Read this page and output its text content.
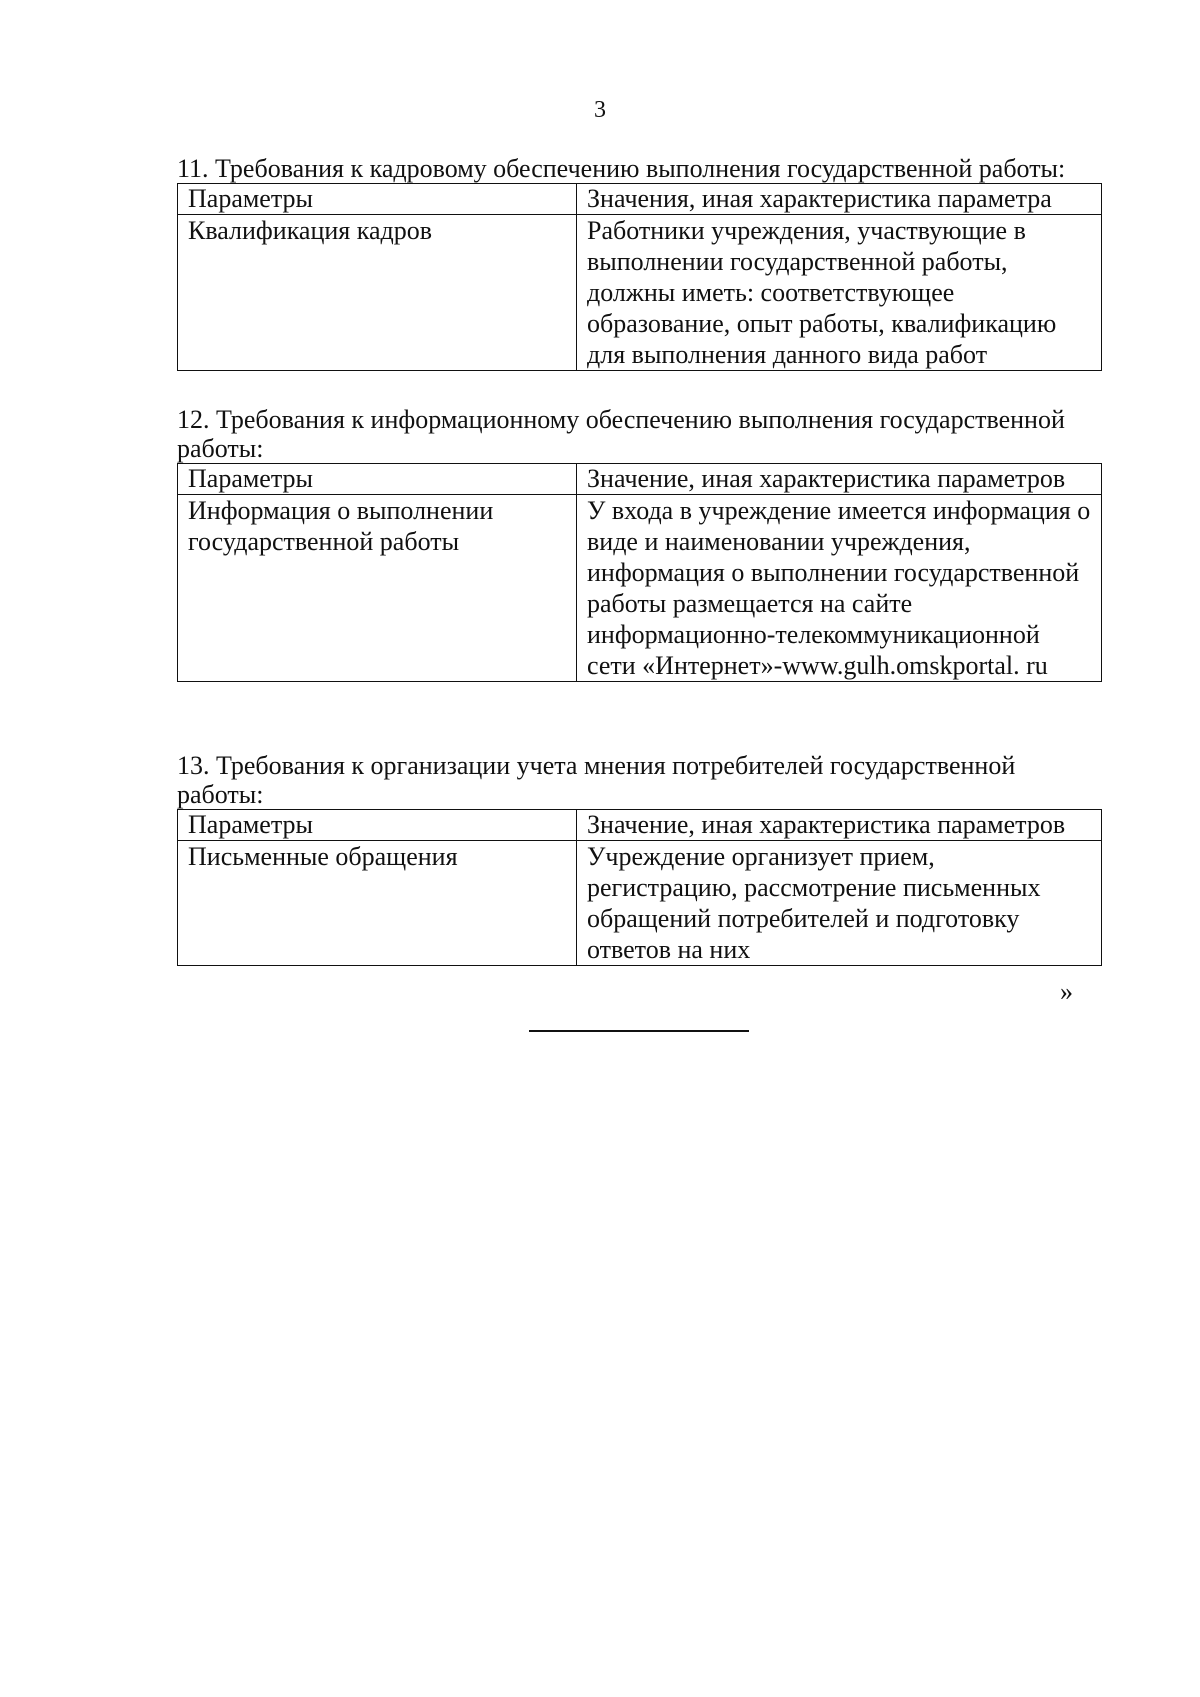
3

11. Требования к кадровому обеспечению выполнения государственной работы:

Параметры	Значения, иная характеристика параметра
Квалификация кадров	Работники учреждения, участвующие в выполнении государственной работы, должны иметь: соответствующее образование, опыт работы, квалификацию для выполнения данного вида работ

12. Требования к информационному обеспечению выполнения государственной работы:

Параметры	Значение, иная характеристика параметров
Информация о выполнении государственной работы	У входа в учреждение имеется информация о виде и наименовании учреждения, информация о выполнении государственной работы размещается на сайте информационно-телекоммуникационной сети «Интернет»-www.gulh.omskportal. ru

13. Требования к организации учета мнения потребителей государственной работы:

Параметры	Значение, иная характеристика параметров
Письменные обращения	Учреждение организует прием, регистрацию, рассмотрение письменных обращений потребителей и подготовку ответов на них
»
